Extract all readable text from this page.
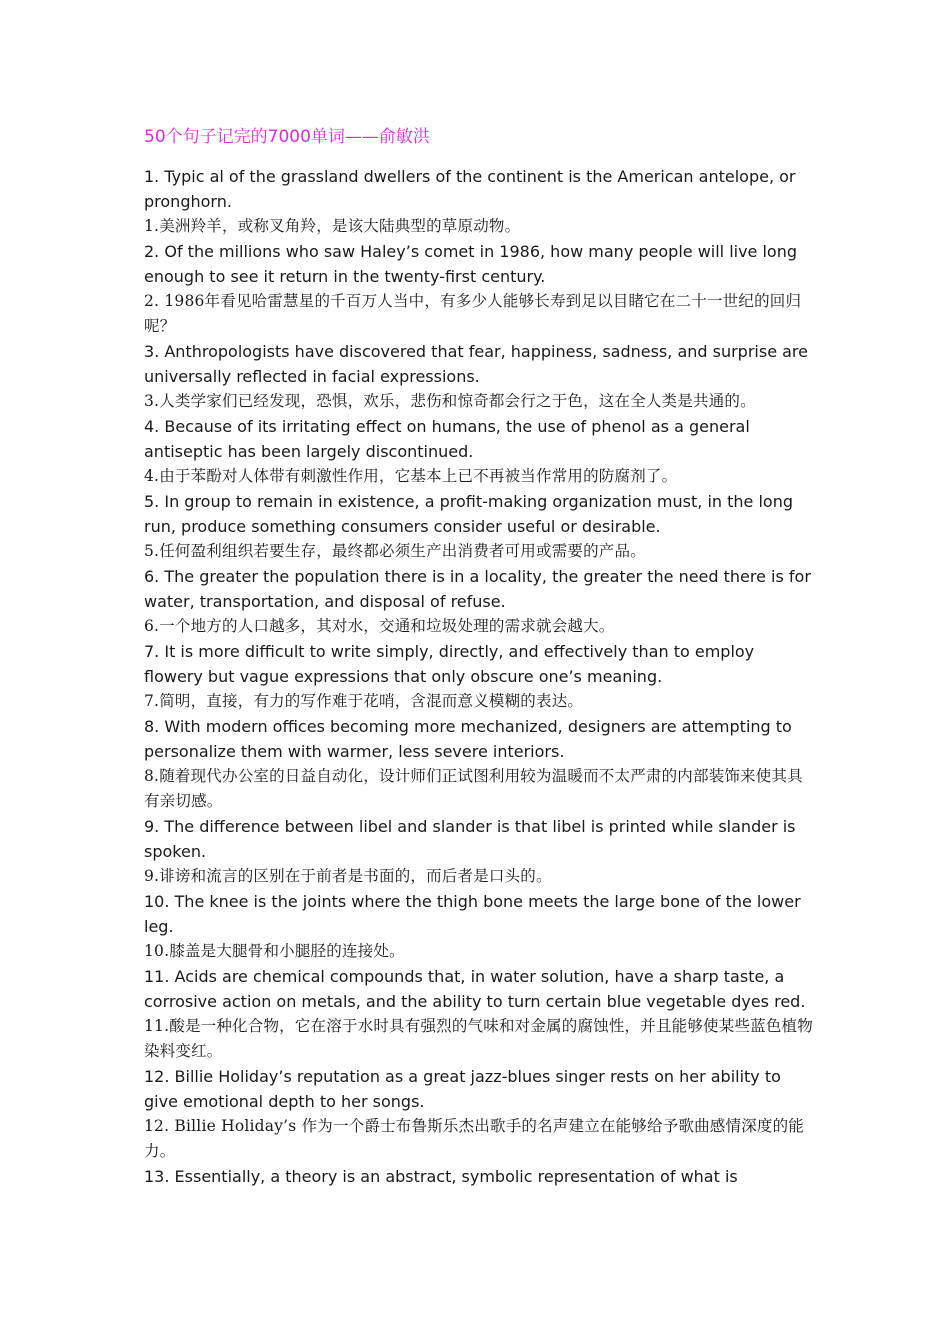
50个句子记完的7000单词——俞敏洪

1. Typic al of the grassland dwellers of the continent is the American antelope, or pronghorn.

1.美洲羚羊，或称叉角羚，是该大陆典型的草原动物。

2. Of the millions who saw Haley’s comet in 1986, how many people will live long enough to see it return in the twenty-first century.

2. 1986年看见哈雷慧星的千百万人当中，有多少人能够长寿到足以目睹它在二十一世纪的回归呢？

3. Anthropologists have discovered that fear, happiness, sadness, and surprise are universally reflected in facial expressions.

3.人类学家们已经发现，恐惧，欢乐，悲伤和惊奇都会行之于色，这在全人类是共通的。

4. Because of its irritating effect on humans, the use of phenol as a general antiseptic has been largely discontinued.

4.由于苯酚对人体带有刺激性作用，它基本上已不再被当作常用的防腐剂了。

5. In group to remain in existence, a profit-making organization must, in the long run, produce something consumers consider useful or desirable.

5.任何盈利组织若要生存，最终都必须生产出消费者可用或需要的产品。

6. The greater the population there is in a locality, the greater the need there is for water, transportation, and disposal of refuse.

6.一个地方的人口越多，其对水，交通和垃圾处理的需求就会越大。

7. It is more difficult to write simply, directly, and effectively than to employ flowery but vague expressions that only obscure one’s meaning.

7.简明，直接，有力的写作难于花哨，含混而意义模糊的表达。

8. With modern offices becoming more mechanized, designers are attempting to personalize them with warmer, less severe interiors.

8.随着现代办公室的日益自动化，设计师们正试图利用较为温暖而不太严肃的内部装饰来使其具有亲切感。

9. The difference between libel and slander is that libel is printed while slander is spoken.

9.诽谤和流言的区别在于前者是书面的，而后者是口头的。

10. The knee is the joints where the thigh bone meets the large bone of the lower leg.

10.膝盖是大腿骨和小腿胫的连接处。

11. Acids are chemical compounds that, in water solution, have a sharp taste, a corrosive action on metals, and the ability to turn certain blue vegetable dyes red.

11.酸是一种化合物，它在溶于水时具有强烈的气味和对金属的腐蚀性，并且能够使某些蓝色植物染料变红。

12. Billie Holiday’s reputation as a great jazz-blues singer rests on her ability to give emotional depth to her songs.

12. Billie Holiday’s 作为一个爵士布鲁斯乐杰出歌手的名声建立在能够给予歌曲感情深度的能力。

13. Essentially, a theory is an abstract, symbolic representation of what is
